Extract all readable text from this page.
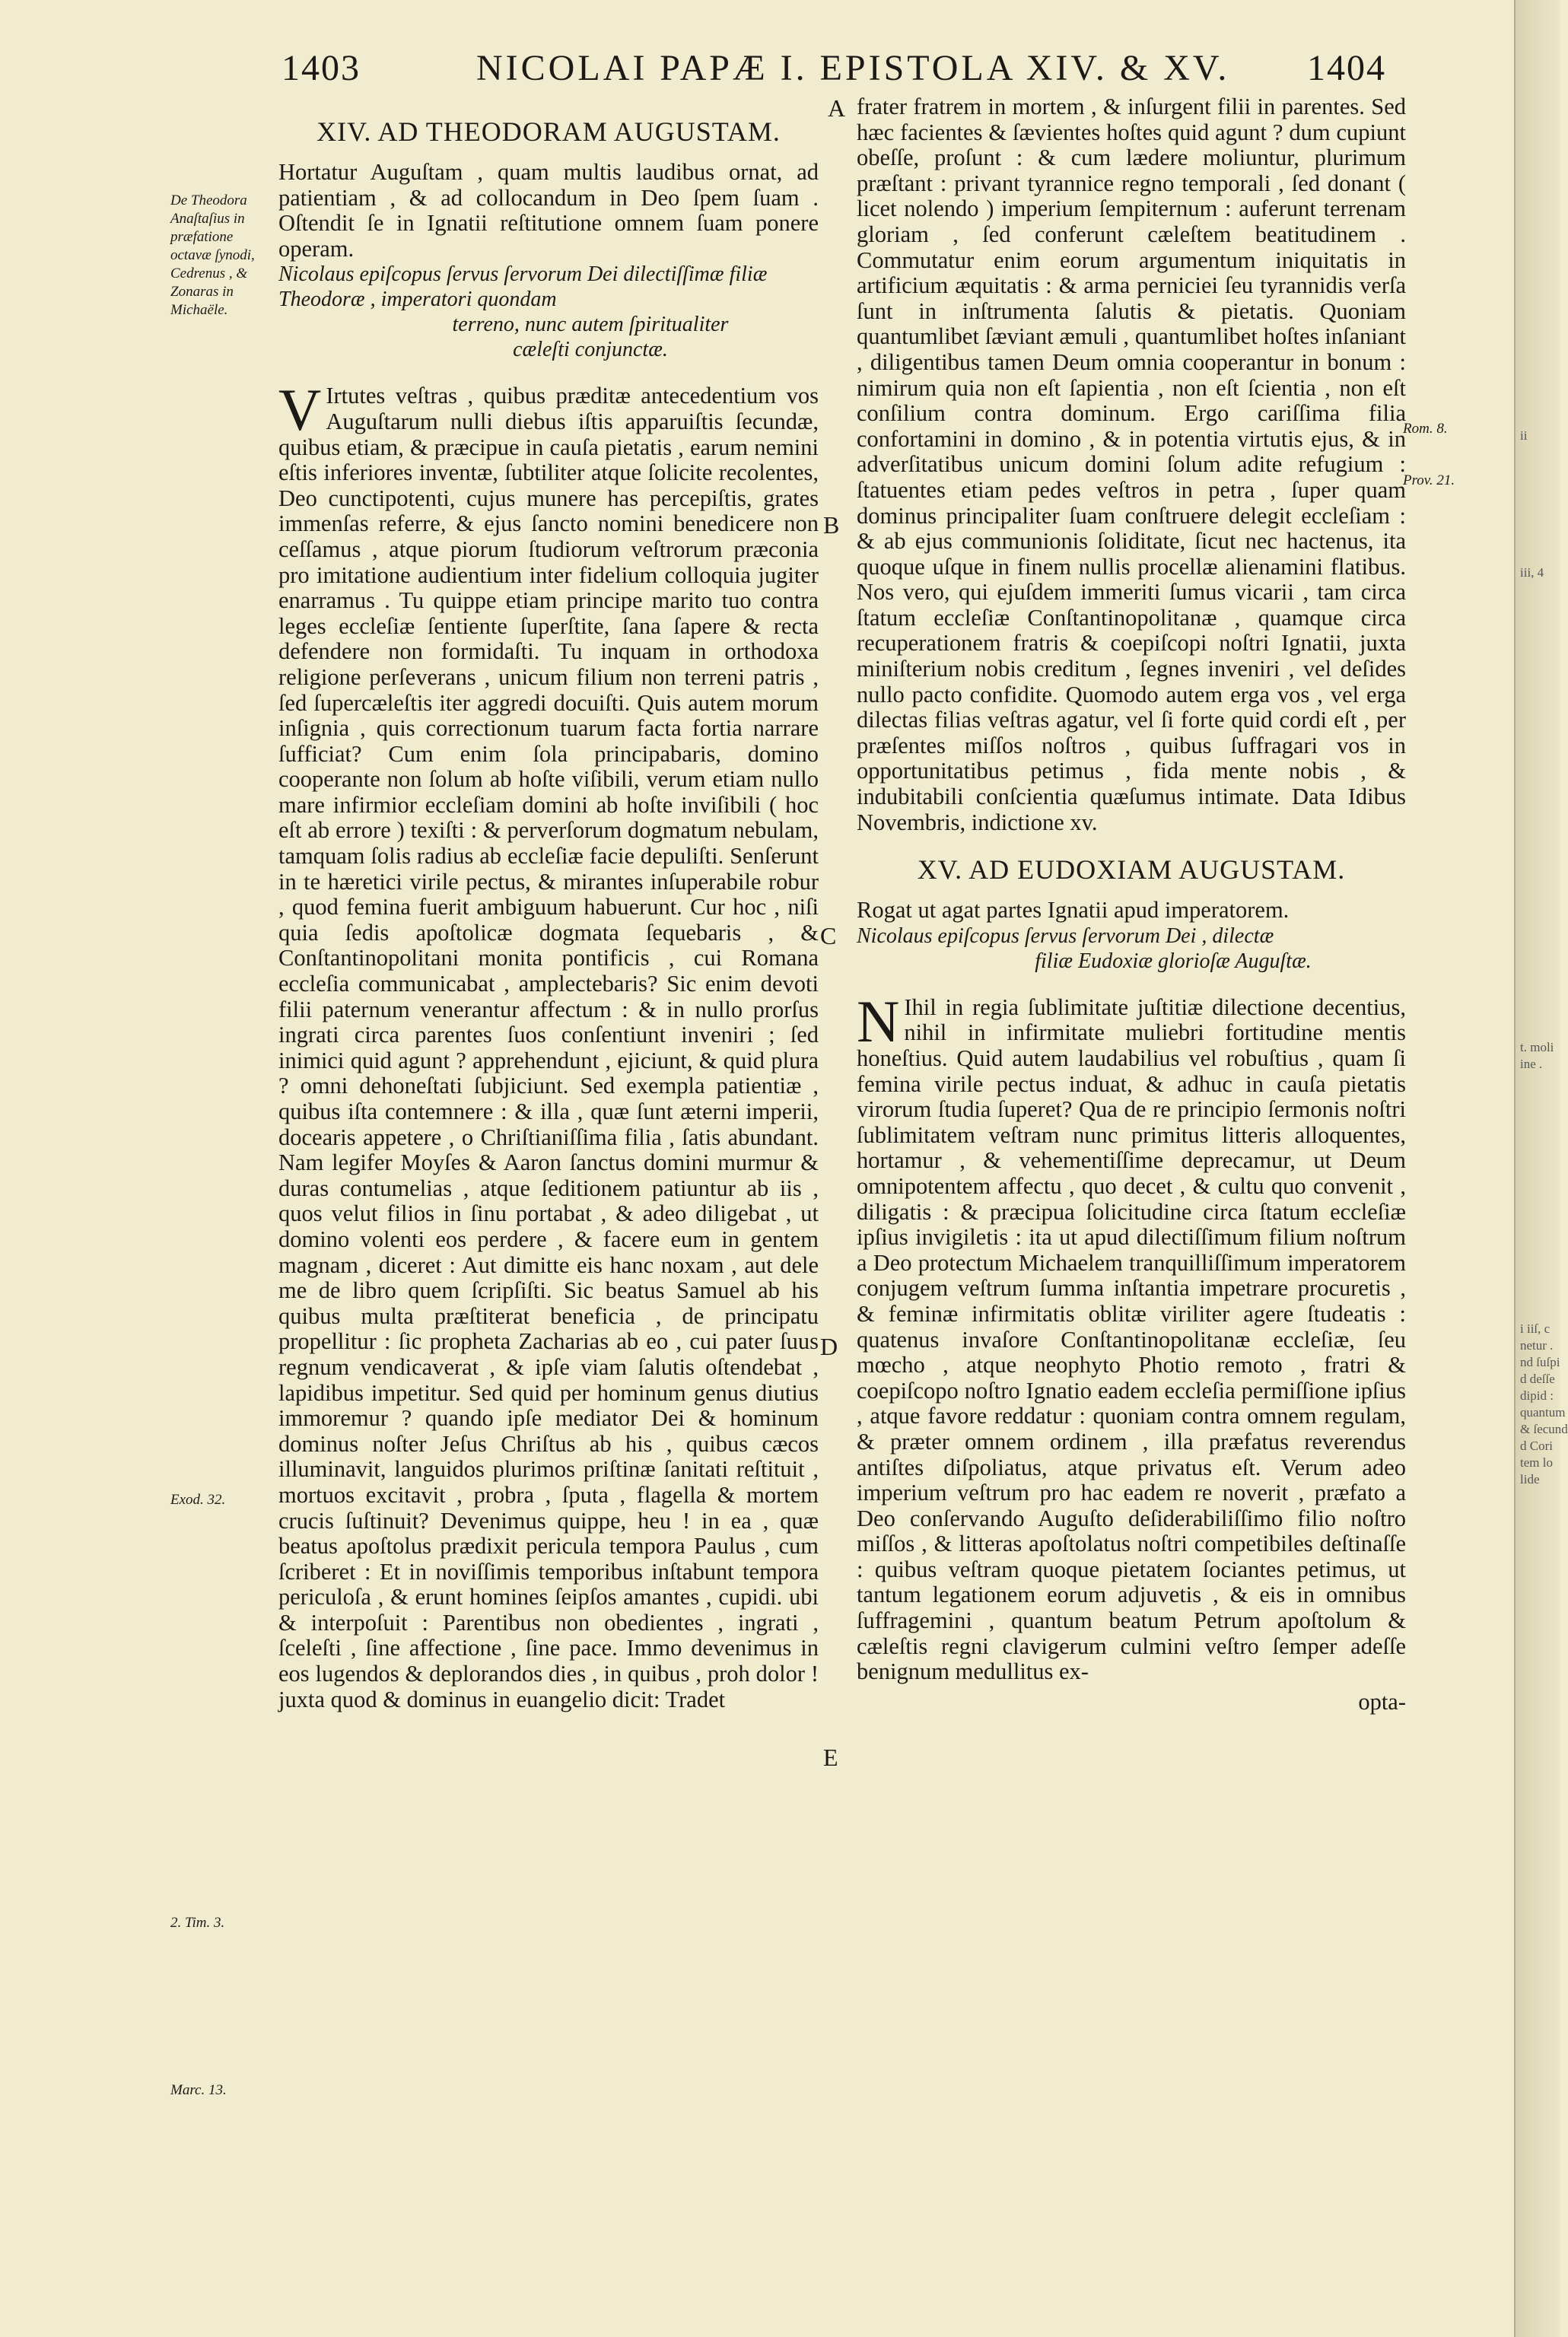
ii
iii, 4
t. moli
ine .
i iiſ, c
netur .
nd ſuſpi
d deſſe
dipid :
quantum
& ſecund
d Cori
tem lo
lide
1403	NICOLAI PAPÆ I. EPISTOLA XIV. & XV. 1404
De Theodora Anaſtaſius in præfatione octavæ ſynodi, Cedrenus , & Zonaras in Michaële.
Exod. 32.
2. Tim. 3.
Marc. 13.
Rom. 8.
Prov. 21.
A
B
C
D
E
XIV. AD THEODORAM AUGUSTAM.

Hortatur Auguſtam , quam multis laudibus ornat, ad patientiam , & ad collocandum in Deo ſpem ſuam . Oſtendit ſe in Ignatii reſtitutione omnem ſuam ponere operam.

Nicolaus epiſcopus ſervus ſervorum Dei dilectiſſimæ filiæ Theodoræ , imperatori quondam
terreno, nunc autem ſpiritualiter
cæleſti conjunctæ.

V Irtutes veſtras , quibus præditæ antecedentium vos Auguſtarum nulli diebus iſtis apparuiſtis ſecundæ, quibus etiam, & præcipue in cauſa pietatis , earum nemini eſtis inferiores inventæ, ſubtiliter atque ſolicite recolentes, Deo cunctipotenti, cujus munere has percepiſtis, grates immenſas referre, & ejus ſancto nomini benedicere non ceſſamus , atque piorum ſtudiorum veſtrorum præconia pro imitatione audientium inter fidelium colloquia jugiter enarramus . Tu quippe etiam principe marito tuo contra leges eccleſiæ ſentiente ſuperſtite, ſana ſapere & recta defendere non formidaſti. Tu inquam in orthodoxa religione perſeverans , unicum filium non terreni patris , ſed ſupercæleſtis iter aggredi docuiſti. Quis autem morum inſignia , quis correctionum tuarum facta fortia narrare ſufficiat? Cum enim ſola principabaris, domino cooperante non ſolum ab hoſte viſibili, verum etiam nullo mare infirmior eccleſiam domini ab hoſte inviſibili ( hoc eſt ab errore ) texiſti : & perverſorum dogmatum nebulam, tamquam ſolis radius ab eccleſiæ facie depuliſti. Senſerunt in te hæretici virile pectus, & mirantes inſuperabile robur , quod femina fuerit ambiguum habuerunt. Cur hoc , niſi quia ſedis apoſtolicæ dogmata ſequebaris , & Conſtantinopolitani monita pontificis , cui Romana eccleſia communicabat , amplectebaris? Sic enim devoti filii paternum venerantur affectum : & in nullo prorſus ingrati circa parentes ſuos conſentiunt inveniri ; ſed inimici quid agunt ? apprehendunt , ejiciunt, & quid plura ? omni dehoneſtati ſubjiciunt. Sed exempla patientiæ , quibus iſta contemnere : & illa , quæ ſunt æterni imperii, docearis appetere , o Chriſtianiſſima filia , ſatis abundant. Nam legifer Moyſes & Aaron ſanctus domini murmur & duras contumelias , atque ſeditionem patiuntur ab iis , quos velut filios in ſinu portabat , & adeo diligebat , ut domino volenti eos perdere , & facere eum in gentem magnam , diceret : Aut dimitte eis hanc noxam , aut dele me de libro quem ſcripſiſti. Sic beatus Samuel ab his quibus multa præſtiterat beneficia , de principatu propellitur : ſic propheta Zacharias ab eo , cui pater ſuus regnum vendicaverat , & ipſe viam ſalutis oſtendebat , lapidibus impetitur. Sed quid per hominum genus diutius immoremur ? quando ipſe mediator Dei & hominum dominus noſter Jeſus Chriſtus ab his , quibus cæcos illuminavit, languidos plurimos priſtinæ ſanitati reſtituit , mortuos excitavit , probra , ſputa , flagella & mortem crucis ſuſtinuit? Devenimus quippe, heu ! in ea , quæ beatus apoſtolus prædixit pericula tempora Paulus , cum ſcriberet : Et in noviſſimis temporibus inſtabunt tempora periculoſa , & erunt homines ſeipſos amantes , cupidi. ubi & interpoſuit : Parentibus non obedientes , ingrati , ſceleſti , ſine affectione , ſine pace. Immo devenimus in eos lugendos & deplorandos dies , in quibus , proh dolor ! juxta quod & dominus in euangelio dicit: Tradet

frater fratrem in mortem , & inſurgent filii in parentes. Sed hæc facientes & ſævientes hoſtes quid agunt ? dum cupiunt obeſſe, proſunt : & cum lædere moliuntur, plurimum præſtant : privant tyrannice regno temporali , ſed donant ( licet nolendo ) imperium ſempiternum : auferunt terrenam gloriam , ſed conferunt cæleſtem beatitudinem . Commutatur enim eorum argumentum iniquitatis in artificium æquitatis : & arma perniciei ſeu tyrannidis verſa ſunt in inſtrumenta ſalutis & pietatis. Quoniam quantumlibet ſæviant æmuli , quantumlibet hoſtes inſaniant , diligentibus tamen Deum omnia cooperantur in bonum : nimirum quia non eſt ſapientia , non eſt ſcientia , non eſt conſilium contra dominum. Ergo cariſſima filia confortamini in domino , & in potentia virtutis ejus, & in adverſitatibus unicum domini ſolum adite refugium : ſtatuentes etiam pedes veſtros in petra , ſuper quam dominus principaliter ſuam conſtruere delegit eccleſiam : & ab ejus communionis ſoliditate, ſicut nec hactenus, ita quoque uſque in finem nullis procellæ alienamini flatibus. Nos vero, qui ejuſdem immeriti ſumus vicarii , tam circa ſtatum eccleſiæ Conſtantinopolitanæ , quamque circa recuperationem fratris & coepiſcopi noſtri Ignatii, juxta miniſterium nobis creditum , ſegnes inveniri , vel deſides nullo pacto confidite. Quomodo autem erga vos , vel erga dilectas filias veſtras agatur, vel ſi forte quid cordi eſt , per præſentes miſſos noſtros , quibus ſuffragari vos in opportunitatibus petimus , fida mente nobis , & indubitabili conſcientia quæſumus intimate. Data Idibus Novembris, indictione xv.

XV. AD EUDOXIAM AUGUSTAM.

Rogat ut agat partes Ignatii apud imperatorem.

Nicolaus epiſcopus ſervus ſervorum Dei , dilectæ
filiæ Eudoxiæ glorioſæ Auguſtæ.

N Ihil in regia ſublimitate juſtitiæ dilectione decentius, nihil in infirmitate muliebri fortitudine mentis honeſtius. Quid autem laudabilius vel robuſtius , quam ſi femina virile pectus induat, & adhuc in cauſa pietatis virorum ſtudia ſuperet? Qua de re principio ſermonis noſtri ſublimitatem veſtram nunc primitus litteris alloquentes, hortamur , & vehementiſſime deprecamur, ut Deum omnipotentem affectu , quo decet , & cultu quo convenit , diligatis : & præcipua ſolicitudine circa ſtatum eccleſiæ ipſius invigiletis : ita ut apud dilectiſſimum filium noſtrum a Deo protectum Michaelem tranquilliſſimum imperatorem conjugem veſtrum ſumma inſtantia impetrare procuretis , & feminæ infirmitatis oblitæ viriliter agere ſtudeatis : quatenus invaſore Conſtantinopolitanæ eccleſiæ, ſeu mœcho , atque neophyto Photio remoto , fratri & coepiſcopo noſtro Ignatio eadem eccleſia permiſſione ipſius , atque favore reddatur : quoniam contra omnem regulam, & præter omnem ordinem , illa præfatus reverendus antiſtes diſpoliatus, atque privatus eſt. Verum adeo imperium veſtrum pro hac eadem re noverit , præfato a Deo conſervando Auguſto deſiderabiliſſimo filio noſtro miſſos , & litteras apoſtolatus noſtri competibiles deſtinaſſe : quibus veſtram quoque pietatem ſociantes petimus, ut tantum legationem eorum adjuvetis , & eis in omnibus ſuffragemini , quantum beatum Petrum apoſtolum & cæleſtis regni clavigerum culmini veſtro ſemper adeſſe benignum medullitus ex-

opta-
